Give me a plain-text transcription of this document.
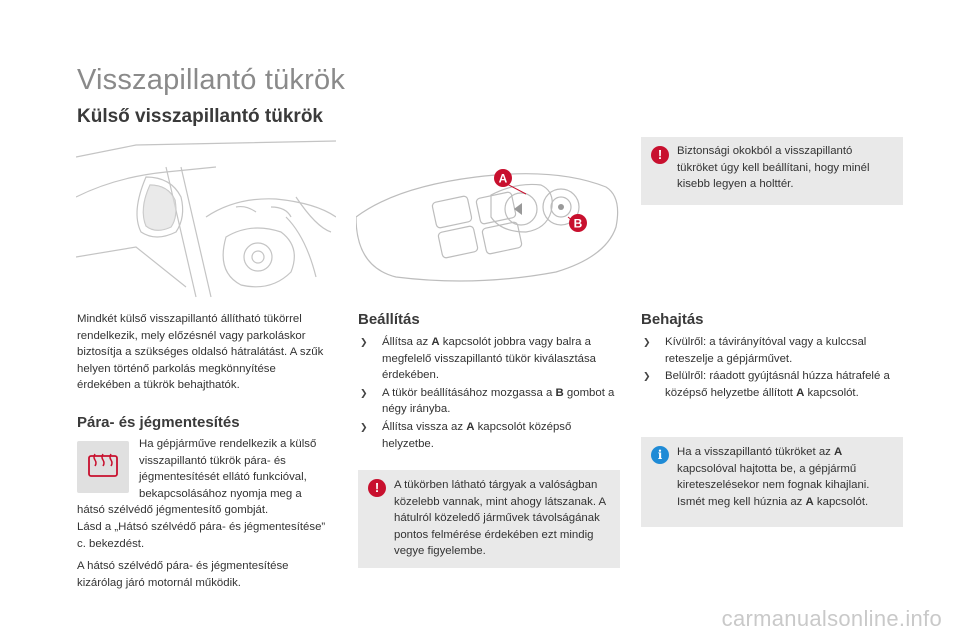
Visszapillantó tükrök
Külső visszapillantó tükrök
A
B
!	Biztonsági okokból a visszapillantó tükröket úgy kell beállítani, hogy minél kisebb legyen a holttér.
Mindkét külső visszapillantó állítható tükörrel rendelkezik, mely előzésnél vagy parkoláskor biztosítja a szükséges oldalsó hátralátást. A szűk helyen történő parkolás megkönnyítése érdekében a tükrök behajthatók.
Pára- és jégmentesítés
Ha gépjárműve rendelkezik a külső visszapillantó tükrök pára- és jégmentesítését ellátó funkcióval, bekapcsolásához nyomja meg a hátsó szélvédő jégmentesítő gombját.
Lásd a „Hátsó szélvédő pára- és jégmentesítése” c. bekezdést.
A hátsó szélvédő pára- és jégmentesítése kizárólag járó motornál működik.
Beállítás
❯ Állítsa az A kapcsolót jobbra vagy balra a megfelelő visszapillantó tükör kiválasztása érdekében.
❯ A tükör beállításához mozgassa a B gombot a négy irányba.
❯ Állítsa vissza az A kapcsolót középső helyzetbe.
!	A tükörben látható tárgyak a valóságban közelebb vannak, mint ahogy látszanak. A hátulról közeledő járművek távolságának pontos felmérése érdekében ezt mindig vegye figyelembe.
Behajtás
❯ Kívülről: a távirányítóval vagy a kulccsal reteszelje a gépjárművet.
❯ Belülről: ráadott gyújtásnál húzza hátrafelé a középső helyzetbe állított A kapcsolót.
i	Ha a visszapillantó tükröket az A kapcsolóval hajtotta be, a gépjármű kireteszelésekor nem fognak kihajlani. Ismét meg kell húznia az A kapcsolót.
carmanualsonline.info
